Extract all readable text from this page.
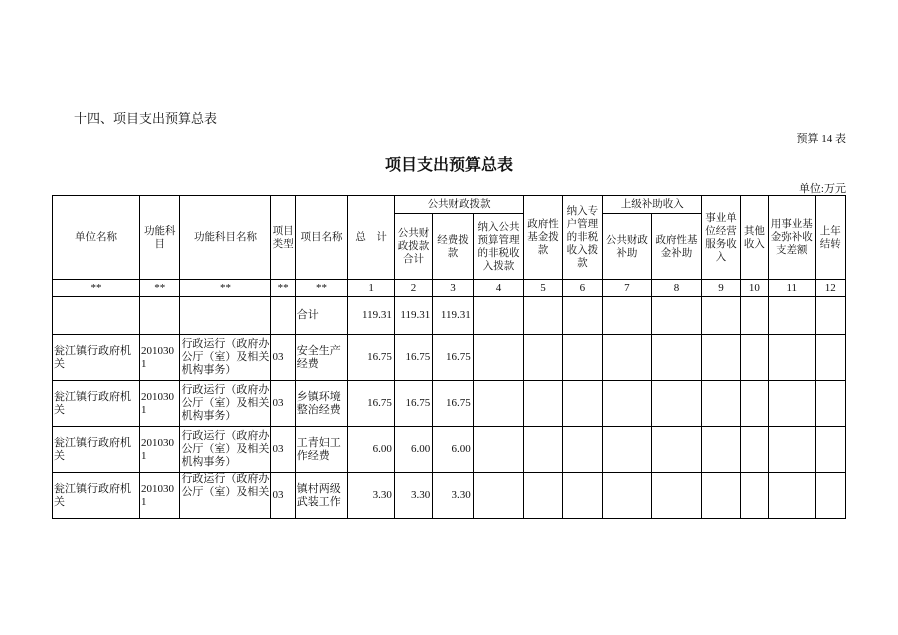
十四、项目支出预算总表
预算 14 表
项目支出预算总表
单位:万元
单位名称	功能科目	功能科目名称	项目类型	项目名称	总　计	公共财政拨款			政府性基金拨款	纳入专户管理的非税收入拨款	上级补助收入		事业单位经营服务收入	其他收入	用事业基金弥补收支差额	上年结转
						公共财政拨款合计	经费拨款	纳入公共预算管理的非税收入拨款			公共财政补助	政府性基金补助				
**	**	**	**	**	1	2	3	4	5	6	7	8	9	10	11	12
				合计	119.31	119.31	119.31									
瓮江镇行政府机关	2010301	行政运行（政府办公厅（室）及相关机构事务）	03	安全生产经费	16.75	16.75	16.75									
瓮江镇行政府机关	2010301	行政运行（政府办公厅（室）及相关机构事务）	03	乡镇环境整治经费	16.75	16.75	16.75									
瓮江镇行政府机关	2010301	行政运行（政府办公厅（室）及相关机构事务）	03	工青妇工作经费	6.00	6.00	6.00									
瓮江镇行政府机关	2010301	行政运行（政府办公厅（室）及相关	03	镇村两级武装工作	3.30	3.30	3.30									
